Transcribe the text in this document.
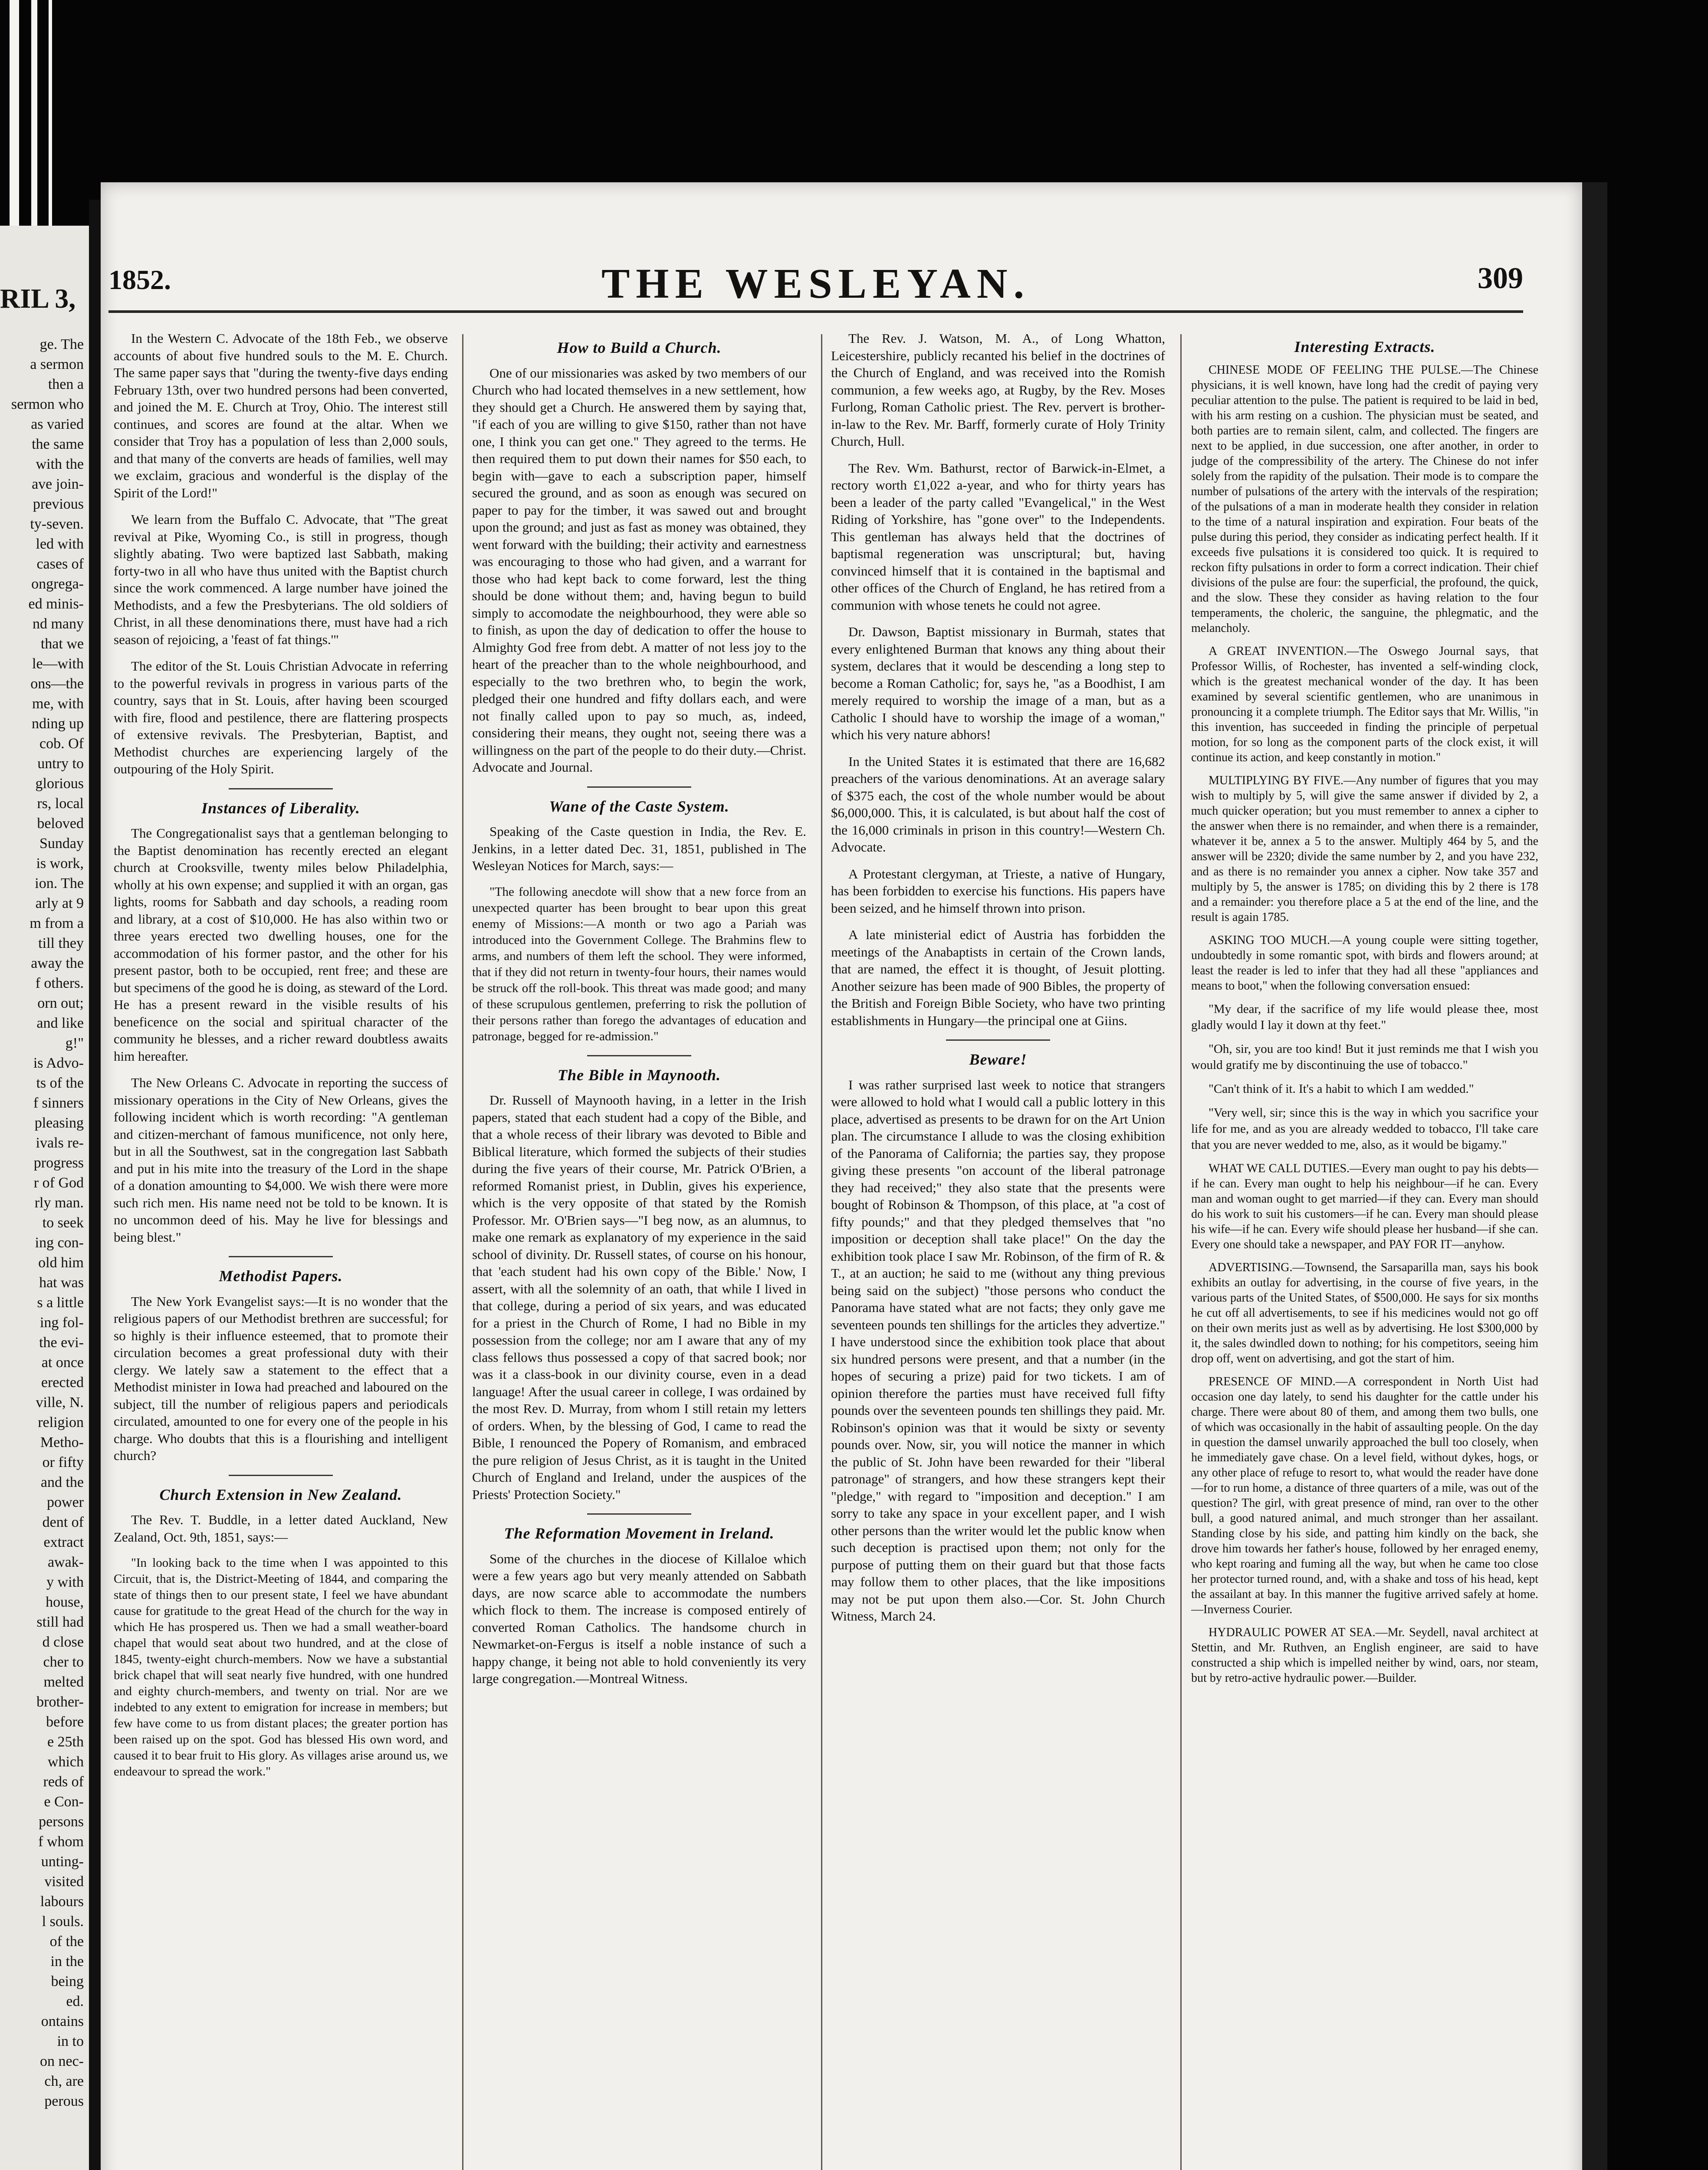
RIL 3,
ge. The
a sermon
then a
sermon who
as varied
the same
with the
ave join-
previous
ty-seven.
led with
cases of
ongrega-
ed minis-
nd many
that we
le—with
ons—the
me, with
nding up
cob. Of
untry to
glorious
rs, local
beloved
Sunday
is work,
ion. The
arly at 9
m from a
till they
away the
f others.
orn out;
and like
g!"
is Advo-
ts of the
f sinners
pleasing
ivals re-
progress
r of God
rly man.
to seek
ing con-
old him
hat was
s a little
ing fol-
the evi-
at once
erected
ville, N.
religion
Metho-
or fifty
and the
power
dent of
extract
awak-
y with
house,
still had
d close
cher to
melted
brother-
before
e 25th
which
reds of
e Con-
persons
f whom
unting-
visited
labours
l souls.
of the
in the
being
ed.
ontains
in to
on nec-
ch, are
perous
THE WESLEYAN.
1852.	309

In the Western C. Advocate of the 18th Feb., we observe accounts of about five hundred souls to the M. E. Church. The same paper says that "during the twenty-five days ending February 13th, over two hundred persons had been converted, and joined the M. E. Church at Troy, Ohio. The interest still continues, and scores are found at the altar. When we consider that Troy has a population of less than 2,000 souls, and that many of the converts are heads of families, well may we exclaim, gracious and wonderful is the display of the Spirit of the Lord!"

We learn from the Buffalo C. Advocate, that "The great revival at Pike, Wyoming Co., is still in progress, though slightly abating. Two were baptized last Sabbath, making forty-two in all who have thus united with the Baptist church since the work commenced. A large number have joined the Methodists, and a few the Presbyterians. The old soldiers of Christ, in all these denominations there, must have had a rich season of rejoicing, a 'feast of fat things.'"

The editor of the St. Louis Christian Advocate in referring to the powerful revivals in progress in various parts of the country, says that in St. Louis, after having been scourged with fire, flood and pestilence, there are flattering prospects of extensive revivals. The Presbyterian, Baptist, and Methodist churches are experiencing largely of the outpouring of the Holy Spirit.

Instances of Liberality.

The Congregationalist says that a gentleman belonging to the Baptist denomination has recently erected an elegant church at Crooksville, twenty miles below Philadelphia, wholly at his own expense; and supplied it with an organ, gas lights, rooms for Sabbath and day schools, a reading room and library, at a cost of $10,000. He has also within two or three years erected two dwelling houses, one for the accommodation of his former pastor, and the other for his present pastor, both to be occupied, rent free; and these are but specimens of the good he is doing, as steward of the Lord. He has a present reward in the visible results of his beneficence on the social and spiritual character of the community he blesses, and a richer reward doubtless awaits him hereafter.

The New Orleans C. Advocate in reporting the success of missionary operations in the City of New Orleans, gives the following incident which is worth recording: "A gentleman and citizen-merchant of famous munificence, not only here, but in all the Southwest, sat in the congregation last Sabbath and put in his mite into the treasury of the Lord in the shape of a donation amounting to $4,000. We wish there were more such rich men. His name need not be told to be known. It is no uncommon deed of his. May he live for blessings and being blest."

Methodist Papers.

The New York Evangelist says:—It is no wonder that the religious papers of our Methodist brethren are successful; for so highly is their influence esteemed, that to promote their circulation becomes a great professional duty with their clergy. We lately saw a statement to the effect that a Methodist minister in Iowa had preached and laboured on the subject, till the number of religious papers and periodicals circulated, amounted to one for every one of the people in his charge. Who doubts that this is a flourishing and intelligent church?

Church Extension in New Zealand.

The Rev. T. Buddle, in a letter dated Auckland, New Zealand, Oct. 9th, 1851, says:—

"In looking back to the time when I was appointed to this Circuit, that is, the District-Meeting of 1844, and comparing the state of things then to our present state, I feel we have abundant cause for gratitude to the great Head of the church for the way in which He has prospered us. Then we had a small weather-board chapel that would seat about two hundred, and at the close of 1845, twenty-eight church-members. Now we have a substantial brick chapel that will seat nearly five hundred, with one hundred and eighty church-members, and twenty on trial. Nor are we indebted to any extent to emigration for increase in members; but few have come to us from distant places; the greater portion has been raised up on the spot. God has blessed His own word, and caused it to bear fruit to His glory. As villages arise around us, we endeavour to spread the work."

How to Build a Church.

One of our missionaries was asked by two members of our Church who had located themselves in a new settlement, how they should get a Church. He answered them by saying that, "if each of you are willing to give $150, rather than not have one, I think you can get one." They agreed to the terms. He then required them to put down their names for $50 each, to begin with—gave to each a subscription paper, himself secured the ground, and as soon as enough was secured on paper to pay for the timber, it was sawed out and brought upon the ground; and just as fast as money was obtained, they went forward with the building; their activity and earnestness was encouraging to those who had given, and a warrant for those who had kept back to come forward, lest the thing should be done without them; and, having begun to build simply to accomodate the neighbourhood, they were able so to finish, as upon the day of dedication to offer the house to Almighty God free from debt. A matter of not less joy to the heart of the preacher than to the whole neighbourhood, and especially to the two brethren who, to begin the work, pledged their one hundred and fifty dollars each, and were not finally called upon to pay so much, as, indeed, considering their means, they ought not, seeing there was a willingness on the part of the people to do their duty.—Christ. Advocate and Journal.

Wane of the Caste System.

Speaking of the Caste question in India, the Rev. E. Jenkins, in a letter dated Dec. 31, 1851, published in The Wesleyan Notices for March, says:—

"The following anecdote will show that a new force from an unexpected quarter has been brought to bear upon this great enemy of Missions:—A month or two ago a Pariah was introduced into the Government College. The Brahmins flew to arms, and numbers of them left the school. They were informed, that if they did not return in twenty-four hours, their names would be struck off the roll-book. This threat was made good; and many of these scrupulous gentlemen, preferring to risk the pollution of their persons rather than forego the advantages of education and patronage, begged for re-admission."

The Bible in Maynooth.

Dr. Russell of Maynooth having, in a letter in the Irish papers, stated that each student had a copy of the Bible, and that a whole recess of their library was devoted to Bible and Biblical literature, which formed the subjects of their studies during the five years of their course, Mr. Patrick O'Brien, a reformed Romanist priest, in Dublin, gives his experience, which is the very opposite of that stated by the Romish Professor. Mr. O'Brien says—"I beg now, as an alumnus, to make one remark as explanatory of my experience in the said school of divinity. Dr. Russell states, of course on his honour, that 'each student had his own copy of the Bible.' Now, I assert, with all the solemnity of an oath, that while I lived in that college, during a period of six years, and was educated for a priest in the Church of Rome, I had no Bible in my possession from the college; nor am I aware that any of my class fellows thus possessed a copy of that sacred book; nor was it a class-book in our divinity course, even in a dead language! After the usual career in college, I was ordained by the most Rev. D. Murray, from whom I still retain my letters of orders. When, by the blessing of God, I came to read the Bible, I renounced the Popery of Romanism, and embraced the pure religion of Jesus Christ, as it is taught in the United Church of England and Ireland, under the auspices of the Priests' Protection Society."

The Reformation Movement in Ireland.

Some of the churches in the diocese of Killaloe which were a few years ago but very meanly attended on Sabbath days, are now scarce able to accommodate the numbers which flock to them. The increase is composed entirely of converted Roman Catholics. The handsome church in Newmarket-on-Fergus is itself a noble instance of such a happy change, it being not able to hold conveniently its very large congregation.—Montreal Witness.

The Rev. J. Watson, M. A., of Long Whatton, Leicestershire, publicly recanted his belief in the doctrines of the Church of England, and was received into the Romish communion, a few weeks ago, at Rugby, by the Rev. Moses Furlong, Roman Catholic priest. The Rev. pervert is brother-in-law to the Rev. Mr. Barff, formerly curate of Holy Trinity Church, Hull.

The Rev. Wm. Bathurst, rector of Barwick-in-Elmet, a rectory worth £1,022 a-year, and who for thirty years has been a leader of the party called "Evangelical," in the West Riding of Yorkshire, has "gone over" to the Independents. This gentleman has always held that the doctrines of baptismal regeneration was unscriptural; but, having convinced himself that it is contained in the baptismal and other offices of the Church of England, he has retired from a communion with whose tenets he could not agree.

Dr. Dawson, Baptist missionary in Burmah, states that every enlightened Burman that knows any thing about their system, declares that it would be descending a long step to become a Roman Catholic; for, says he, "as a Boodhist, I am merely required to worship the image of a man, but as a Catholic I should have to worship the image of a woman," which his very nature abhors!

In the United States it is estimated that there are 16,682 preachers of the various denominations. At an average salary of $375 each, the cost of the whole number would be about $6,000,000. This, it is calculated, is but about half the cost of the 16,000 criminals in prison in this country!—Western Ch. Advocate.

A Protestant clergyman, at Trieste, a native of Hungary, has been forbidden to exercise his functions. His papers have been seized, and he himself thrown into prison.

A late ministerial edict of Austria has forbidden the meetings of the Anabaptists in certain of the Crown lands, that are named, the effect it is thought, of Jesuit plotting. Another seizure has been made of 900 Bibles, the property of the British and Foreign Bible Society, who have two printing establishments in Hungary—the principal one at Giins.

Beware!

I was rather surprised last week to notice that strangers were allowed to hold what I would call a public lottery in this place, advertised as presents to be drawn for on the Art Union plan. The circumstance I allude to was the closing exhibition of the Panorama of California; the parties say, they propose giving these presents "on account of the liberal patronage they had received;" they also state that the presents were bought of Robinson & Thompson, of this place, at "a cost of fifty pounds;" and that they pledged themselves that "no imposition or deception shall take place!" On the day the exhibition took place I saw Mr. Robinson, of the firm of R. & T., at an auction; he said to me (without any thing previous being said on the subject) "those persons who conduct the Panorama have stated what are not facts; they only gave me seventeen pounds ten shillings for the articles they advertize." I have understood since the exhibition took place that about six hundred persons were present, and that a number (in the hopes of securing a prize) paid for two tickets. I am of opinion therefore the parties must have received full fifty pounds over the seventeen pounds ten shillings they paid. Mr. Robinson's opinion was that it would be sixty or seventy pounds over. Now, sir, you will notice the manner in which the public of St. John have been rewarded for their "liberal patronage" of strangers, and how these strangers kept their "pledge," with regard to "imposition and deception." I am sorry to take any space in your excellent paper, and I wish other persons than the writer would let the public know when such deception is practised upon them; not only for the purpose of putting them on their guard but that those facts may follow them to other places, that the like impositions may not be put upon them also.—Cor. St. John Church Witness, March 24.

Interesting Extracts.

CHINESE MODE OF FEELING THE PULSE.—The Chinese physicians, it is well known, have long had the credit of paying very peculiar attention to the pulse. The patient is required to be laid in bed, with his arm resting on a cushion. The physician must be seated, and both parties are to remain silent, calm, and collected. The fingers are next to be applied, in due succession, one after another, in order to judge of the compressibility of the artery. The Chinese do not infer solely from the rapidity of the pulsation. Their mode is to compare the number of pulsations of the artery with the intervals of the respiration; of the pulsations of a man in moderate health they consider in relation to the time of a natural inspiration and expiration. Four beats of the pulse during this period, they consider as indicating perfect health. If it exceeds five pulsations it is considered too quick. It is required to reckon fifty pulsations in order to form a correct indication. Their chief divisions of the pulse are four: the superficial, the profound, the quick, and the slow. These they consider as having relation to the four temperaments, the choleric, the sanguine, the phlegmatic, and the melancholy.

A GREAT INVENTION.—The Oswego Journal says, that Professor Willis, of Rochester, has invented a self-winding clock, which is the greatest mechanical wonder of the day. It has been examined by several scientific gentlemen, who are unanimous in pronouncing it a complete triumph. The Editor says that Mr. Willis, "in this invention, has succeeded in finding the principle of perpetual motion, for so long as the component parts of the clock exist, it will continue its action, and keep constantly in motion."

MULTIPLYING BY FIVE.—Any number of figures that you may wish to multiply by 5, will give the same answer if divided by 2, a much quicker operation; but you must remember to annex a cipher to the answer when there is no remainder, and when there is a remainder, whatever it be, annex a 5 to the answer. Multiply 464 by 5, and the answer will be 2320; divide the same number by 2, and you have 232, and as there is no remainder you annex a cipher. Now take 357 and multiply by 5, the answer is 1785; on dividing this by 2 there is 178 and a remainder: you therefore place a 5 at the end of the line, and the result is again 1785.

ASKING TOO MUCH.—A young couple were sitting together, undoubtedly in some romantic spot, with birds and flowers around; at least the reader is led to infer that they had all these "appliances and means to boot," when the following conversation ensued:

"My dear, if the sacrifice of my life would please thee, most gladly would I lay it down at thy feet."

"Oh, sir, you are too kind! But it just reminds me that I wish you would gratify me by discontinuing the use of tobacco."

"Can't think of it. It's a habit to which I am wedded."

"Very well, sir; since this is the way in which you sacrifice your life for me, and as you are already wedded to tobacco, I'll take care that you are never wedded to me, also, as it would be bigamy."

WHAT WE CALL DUTIES.—Every man ought to pay his debts—if he can. Every man ought to help his neighbour—if he can. Every man and woman ought to get married—if they can. Every man should do his work to suit his customers—if he can. Every man should please his wife—if he can. Every wife should please her husband—if she can. Every one should take a newspaper, and PAY FOR IT—anyhow.

ADVERTISING.—Townsend, the Sarsaparilla man, says his book exhibits an outlay for advertising, in the course of five years, in the various parts of the United States, of $500,000. He says for six months he cut off all advertisements, to see if his medicines would not go off on their own merits just as well as by advertising. He lost $300,000 by it, the sales dwindled down to nothing; for his competitors, seeing him drop off, went on advertising, and got the start of him.

PRESENCE OF MIND.—A correspondent in North Uist had occasion one day lately, to send his daughter for the cattle under his charge. There were about 80 of them, and among them two bulls, one of which was occasionally in the habit of assaulting people. On the day in question the damsel unwarily approached the bull too closely, when he immediately gave chase. On a level field, without dykes, hogs, or any other place of refuge to resort to, what would the reader have done—for to run home, a distance of three quarters of a mile, was out of the question? The girl, with great presence of mind, ran over to the other bull, a good natured animal, and much stronger than her assailant. Standing close by his side, and patting him kindly on the back, she drove him towards her father's house, followed by her enraged enemy, who kept roaring and fuming all the way, but when he came too close her protector turned round, and, with a shake and toss of his head, kept the assailant at bay. In this manner the fugitive arrived safely at home.—Inverness Courier.

HYDRAULIC POWER AT SEA.—Mr. Seydell, naval architect at Stettin, and Mr. Ruthven, an English engineer, are said to have constructed a ship which is impelled neither by wind, oars, nor steam, but by retro-active hydraulic power.—Builder.
